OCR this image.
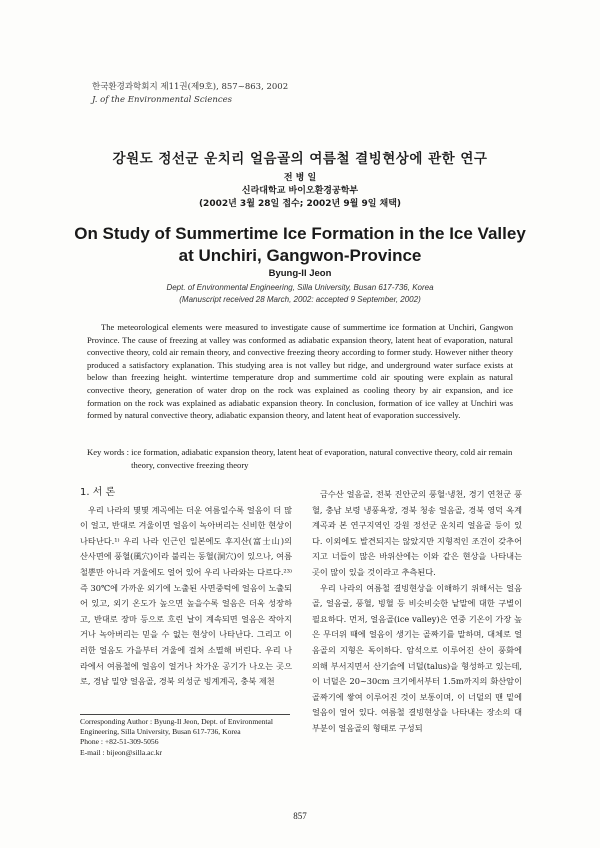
한국환경과학회지 제11권(제9호), 857~863, 2002
J. of the Environmental Sciences
강원도 정선군 운치리 얼음골의 여름철 결빙현상에 관한 연구
전 병 일
신라대학교 바이오환경공학부
(2002년 3월 28일 접수; 2002년 9월 9일 채택)
On Study of Summertime Ice Formation in the Ice Valley
at Unchiri, Gangwon-Province
Byung-Il Jeon
Dept. of Environmental Engineering, Silla University, Busan 617-736, Korea
(Manuscript received 28 March, 2002: accepted 9 September, 2002)

The meteorological elements were measured to investigate cause of summertime ice formation at Unchiri, Gangwon Province. The cause of freezing at valley was conformed as adiabatic expansion theory, latent heat of evaporation, natural convective theory, cold air remain theory, and convective freezing theory according to former study. However nither theory produced a satisfactory explanation. This studying area is not valley but ridge, and underground water surface exists at below than freezing height. wintertime temperature drop and summertime cold air spouting were explain as natural convective theory, generation of water drop on the rock was explained as cooling theory by air expansion, and ice formation on the rock was explained as adiabatic expansion theory. In conclusion, formation of ice valley at Unchiri was formed by natural convective theory, adiabatic expansion theory, and latent heat of evaporation successively.

Key words : ice formation, adiabatic expansion theory, latent heat of evaporation, natural convective theory, cold air remain theory, convective freezing theory
1. 서 론

우리 나라의 몇몇 계곡에는 더운 여름일수록 얼음이 더 많이 얼고, 반대로 겨울이면 얼음이 녹아버리는 신비한 현상이 나타난다.¹⁾ 우리 나라 인근인 일본에도 후지산(富士山)의 산사면에 풍혈(風穴)이라 불리는 동혈(洞穴)이 있으나, 여름철뿐만 아니라 겨울에도 얼어 있어 우리 나라와는 다르다.²³⁾ 즉 30℃에 가까운 외기에 노출된 사면중턱에 얼음이 노출되어 있고, 외기 온도가 높으면 높을수록 얼음은 더욱 성장하고, 반대로 장마 등으로 흐린 날이 계속되면 얼음은 작아지거나 녹아버리는 믿을 수 없는 현상이 나타난다. 그리고 이러한 얼음도 가을부터 겨울에 걸쳐 소멸해 버린다. 우리 나라에서 여름철에 얼음이 얼거나 차가운 공기가 나오는 곳으로, 경남 밀양 얼음골, 경북 의성군 빙계계곡, 충북 제천

금수산 얼음골, 전북 진안군의 풍혈·냉천, 경기 연천군 풍혈, 충남 보령 냉풍욕장, 경북 청송 얼음골, 경북 영덕 옥계계곡과 본 연구지역인 강원 정선군 운치리 얼음골 등이 있다. 이외에도 발견되지는 않았지만 지형적인 조건이 갖추어지고 너들이 많은 바위산에는 이와 같은 현상을 나타내는 곳이 많이 있을 것이라고 추측된다.

우리 나라의 여름철 결빙현상을 이해하기 위해서는 얼음골, 얼음굴, 풍혈, 빙혈 등 비슷비슷한 낱말에 대한 구별이 필요하다. 먼저, 얼음골(ice valley)은 연중 기온이 가장 높은 무더위 때에 얼음이 생기는 골짜기를 말하며, 대체로 얼음골의 지형은 독이하다. 암석으로 이루어진 산이 풍화에 의해 부서지면서 산기슭에 너덜(talus)을 형성하고 있는데, 이 너덜은 20~30cm 크기에서부터 1.5m까지의 화산암이 골짜기에 쌓여 이루어진 것이 보통이며, 이 너덜의 맨 밑에 얼음이 얼어 있다. 여름철 결빙현상을 나타내는 장소의 대부분이 얼음골의 형태로 구성되

Corresponding Author : Byung-Il Jeon, Dept. of Environmental Engineering, Silla University, Busan 617-736, Korea
Phone : +82-51-309-5056
E-mail : bijeon@silla.ac.kr
857
